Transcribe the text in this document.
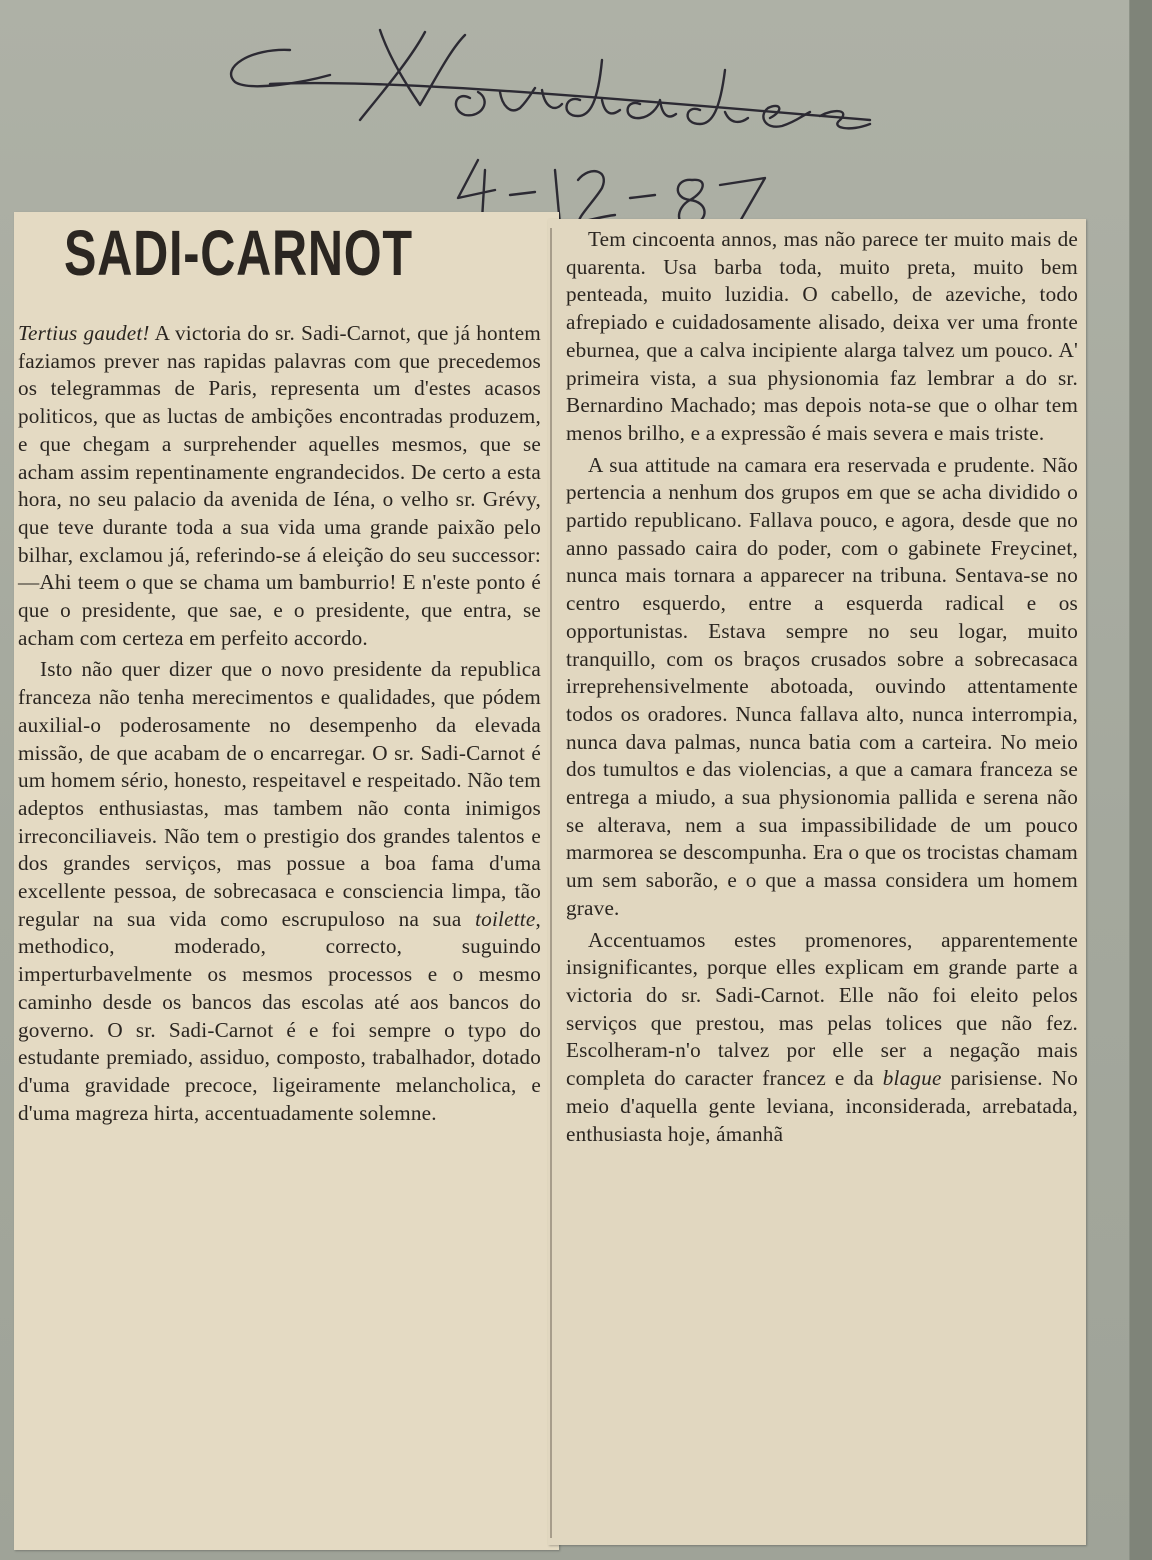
SADI-CARNOT

Tertius gaudet! A victoria do sr. Sadi-Carnot, que já hontem faziamos prever nas rapidas palavras com que precedemos os telegrammas de Paris, representa um d'estes acasos politicos, que as luctas de ambições encontradas produzem, e que chegam a surprehender aquelles mesmos, que se acham assim repentinamente engrandecidos. De certo a esta hora, no seu palacio da avenida de Iéna, o velho sr. Grévy, que teve durante toda a sua vida uma grande paixão pelo bilhar, exclamou já, referindo-se á eleição do seu successor:—Ahi teem o que se chama um bamburrio! E n'este ponto é que o presidente, que sae, e o presidente, que entra, se acham com certeza em perfeito accordo.

Isto não quer dizer que o novo presidente da republica franceza não tenha merecimentos e qualidades, que pódem auxilial-o poderosamente no desempenho da elevada missão, de que acabam de o encarregar. O sr. Sadi-Carnot é um homem sério, honesto, respeitavel e respeitado. Não tem adeptos enthusiastas, mas tambem não conta inimigos irreconciliaveis. Não tem o prestigio dos grandes talentos e dos grandes serviços, mas possue a boa fama d'uma excellente pessoa, de sobrecasaca e consciencia limpa, tão regular na sua vida como escrupuloso na sua toilette, methodico, moderado, correcto, suguindo imperturbavelmente os mesmos processos e o mesmo caminho desde os bancos das escolas até aos bancos do governo. O sr. Sadi-Carnot é e foi sempre o typo do estudante premiado, assiduo, composto, trabalhador, dotado d'uma gravidade precoce, ligeiramente melancholica, e d'uma magreza hirta, accentuadamente solemne.

Tem cincoenta annos, mas não parece ter muito mais de quarenta. Usa barba toda, muito preta, muito bem penteada, muito luzidia. O cabello, de azeviche, todo afrepiado e cuidadosamente alisado, deixa ver uma fronte eburnea, que a calva incipiente alarga talvez um pouco. A' primeira vista, a sua physionomia faz lembrar a do sr. Bernardino Machado; mas depois nota-se que o olhar tem menos brilho, e a expressão é mais severa e mais triste.

A sua attitude na camara era reservada e prudente. Não pertencia a nenhum dos grupos em que se acha dividido o partido republicano. Fallava pouco, e agora, desde que no anno passado caira do poder, com o gabinete Freycinet, nunca mais tornara a apparecer na tribuna. Sentava-se no centro esquerdo, entre a esquerda radical e os opportunistas. Estava sempre no seu logar, muito tranquillo, com os braços crusados sobre a sobrecasaca irreprehensivelmente abotoada, ouvindo attentamente todos os oradores. Nunca fallava alto, nunca interrompia, nunca dava palmas, nunca batia com a carteira. No meio dos tumultos e das violencias, a que a camara franceza se entrega a miudo, a sua physionomia pallida e serena não se alterava, nem a sua impassibilidade de um pouco marmorea se descompunha. Era o que os trocistas chamam um sem saborão, e o que a massa considera um homem grave.

Accentuamos estes promenores, apparentemente insignificantes, porque elles explicam em grande parte a victoria do sr. Sadi-Carnot. Elle não foi eleito pelos serviços que prestou, mas pelas tolices que não fez. Escolheram-n'o talvez por elle ser a negação mais completa do caracter francez e da blague parisiense. No meio d'aquella gente leviana, inconsiderada, arrebatada, enthusiasta hoje, ámanhã
